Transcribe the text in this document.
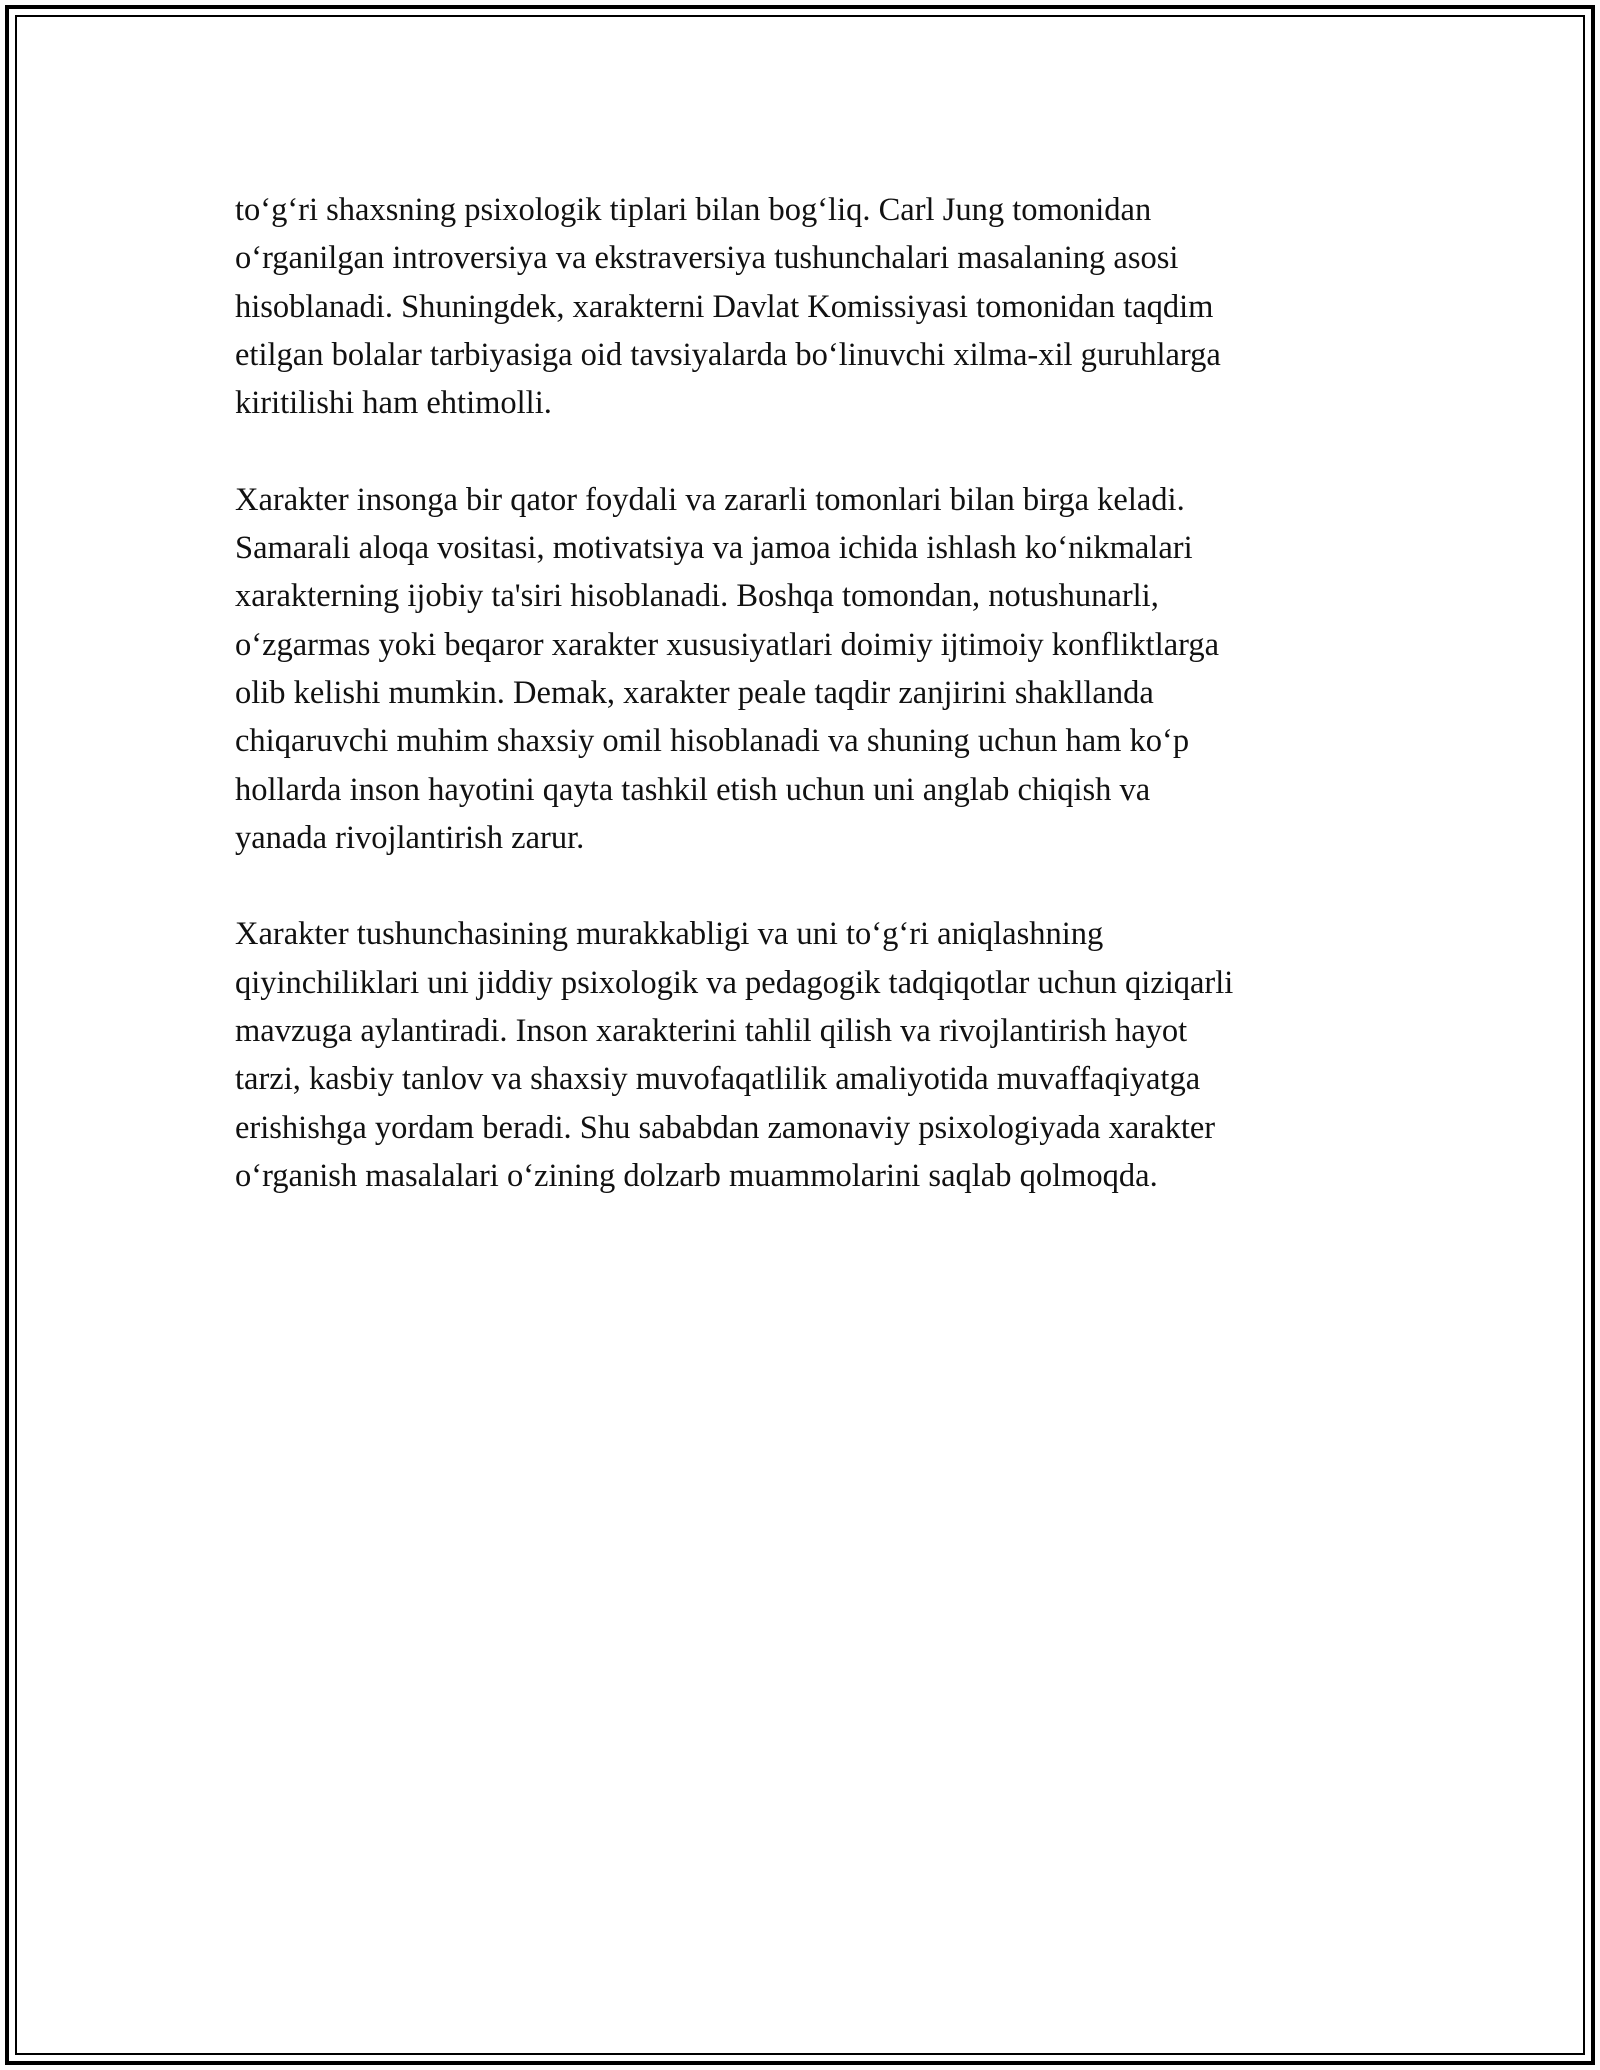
to‘g‘ri shaxsning psixologik tiplari bilan bog‘liq. Carl Jung tomonidan
o‘rganilgan introversiya va ekstraversiya tushunchalari masalaning asosi
hisoblanadi. Shuningdek, xarakterni Davlat Komissiyasi tomonidan taqdim
etilgan bolalar tarbiyasiga oid tavsiyalarda bo‘linuvchi xilma-xil guruhlarga
kiritilishi ham ehtimolli.

Xarakter insonga bir qator foydali va zararli tomonlari bilan birga keladi.
Samarali aloqa vositasi, motivatsiya va jamoa ichida ishlash ko‘nikmalari
xarakterning ijobiy ta'siri hisoblanadi. Boshqa tomondan, notushunarli,
o‘zgarmas yoki beqaror xarakter xususiyatlari doimiy ijtimoiy konfliktlarga
olib kelishi mumkin. Demak, xarakter peale taqdir zanjirini shakllanda
chiqaruvchi muhim shaxsiy omil hisoblanadi va shuning uchun ham ko‘p
hollarda inson hayotini qayta tashkil etish uchun uni anglab chiqish va
yanada rivojlantirish zarur.

Xarakter tushunchasining murakkabligi va uni to‘g‘ri aniqlashning
qiyinchiliklari uni jiddiy psixologik va pedagogik tadqiqotlar uchun qiziqarli
mavzuga aylantiradi. Inson xarakterini tahlil qilish va rivojlantirish hayot
tarzi, kasbiy tanlov va shaxsiy muvofaqatlilik amaliyotida muvaffaqiyatga
erishishga yordam beradi. Shu sababdan zamonaviy psixologiyada xarakter
o‘rganish masalalari o‘zining dolzarb muammolarini saqlab qolmoqda.
